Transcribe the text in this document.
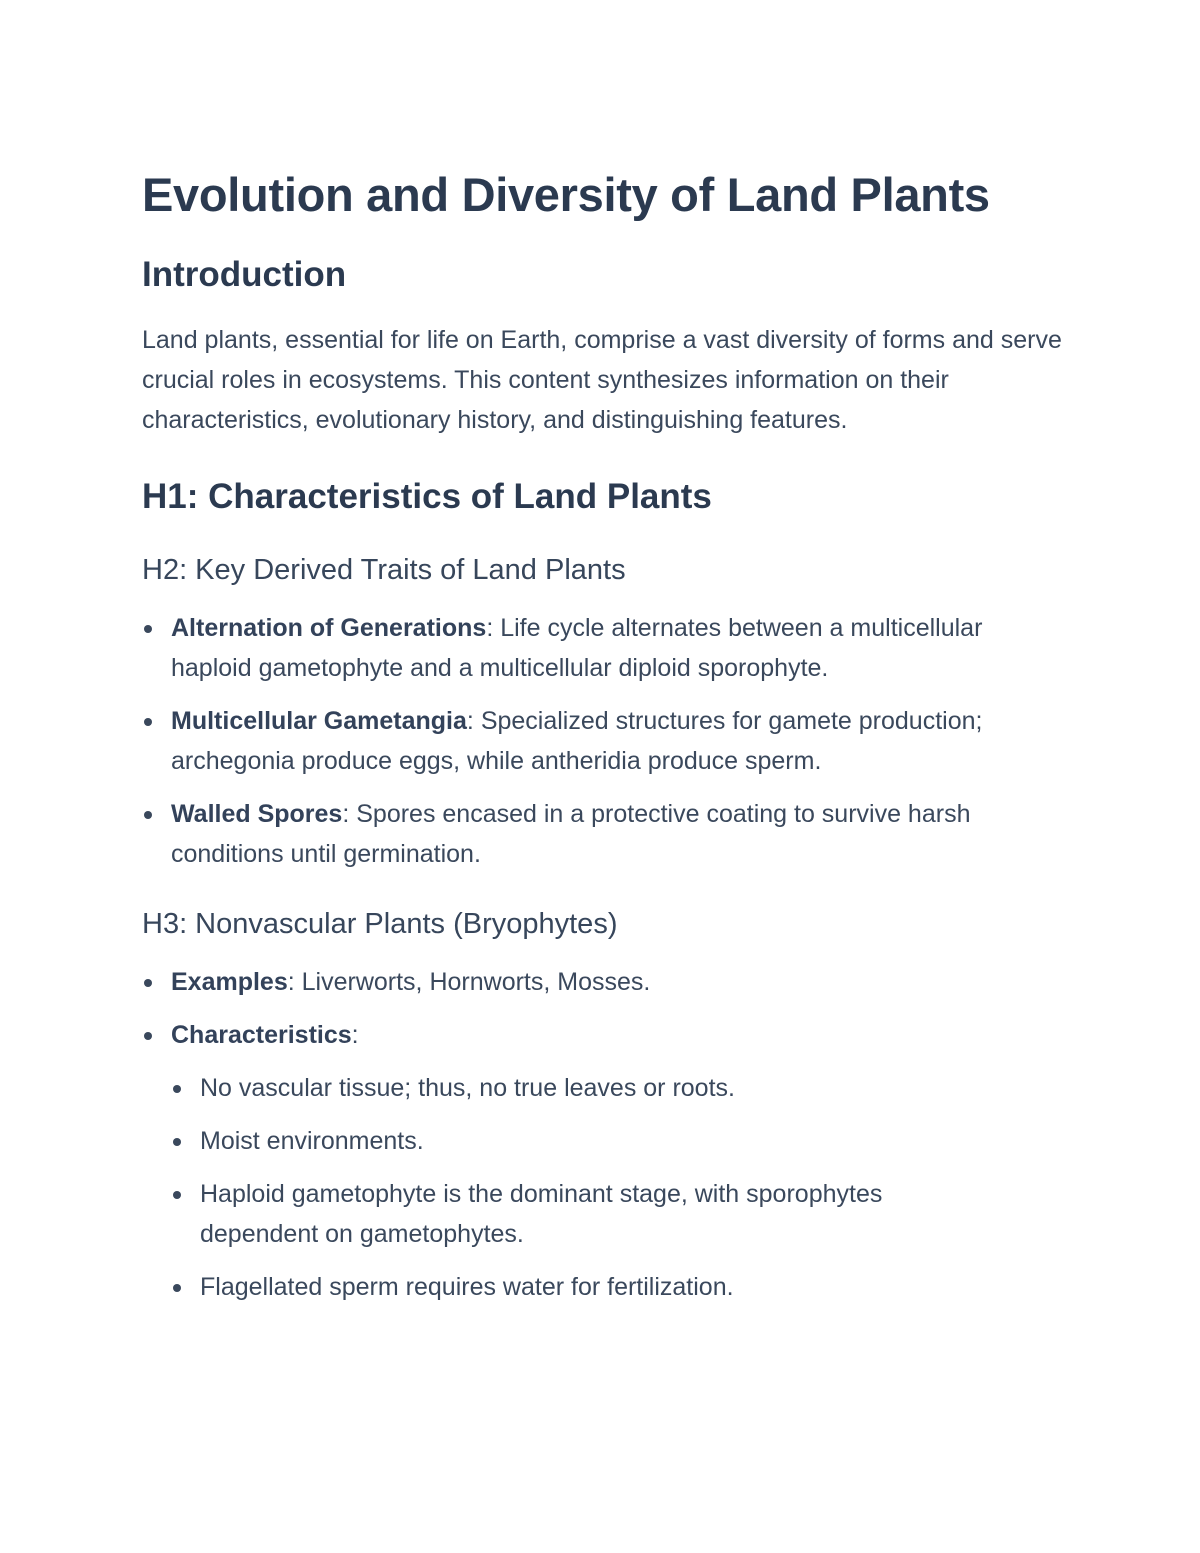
Evolution and Diversity of Land Plants
Introduction

Land plants, essential for life on Earth, comprise a vast diversity of forms and serve crucial roles in ecosystems. This content synthesizes information on their characteristics, evolutionary history, and distinguishing features.

H1: Characteristics of Land Plants
H2: Key Derived Traits of Land Plants
Alternation of Generations: Life cycle alternates between a multicellular haploid gametophyte and a multicellular diploid sporophyte.
Multicellular Gametangia: Specialized structures for gamete production; archegonia produce eggs, while antheridia produce sperm.
Walled Spores: Spores encased in a protective coating to survive harsh conditions until germination.
H3: Nonvascular Plants (Bryophytes)
Examples: Liverworts, Hornworts, Mosses.
Characteristics:
No vascular tissue; thus, no true leaves or roots.
Moist environments.
Haploid gametophyte is the dominant stage, with sporophytes dependent on gametophytes.
Flagellated sperm requires water for fertilization.
